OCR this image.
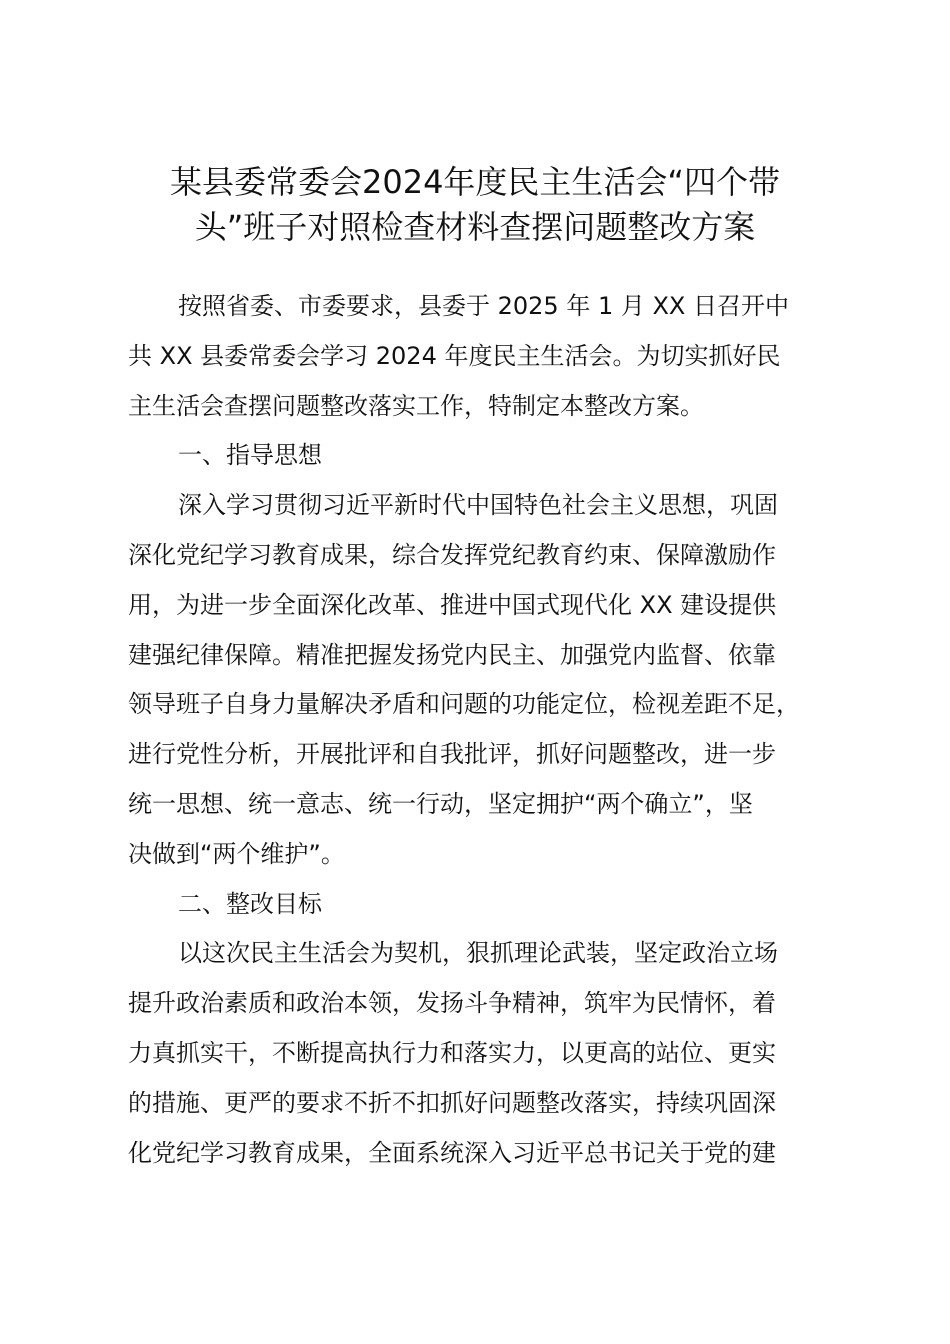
某县委常委会2024年度民主生活会“四个带
头”班子对照检查材料查摆问题整改方案
按照省委、市委要求，县委于 2025 年 1 月 XX 日召开中
共 XX 县委常委会学习 2024 年度民主生活会。为切实抓好民
主生活会查摆问题整改落实工作，特制定本整改方案。
一、指导思想
深入学习贯彻习近平新时代中国特色社会主义思想，巩固
深化党纪学习教育成果，综合发挥党纪教育约束、保障激励作
用，为进一步全面深化改革、推进中国式现代化 XX 建设提供
建强纪律保障。精准把握发扬党内民主、加强党内监督、依靠
领导班子自身力量解决矛盾和问题的功能定位，检视差距不足，
进行党性分析，开展批评和自我批评，抓好问题整改，进一步
统一思想、统一意志、统一行动，坚定拥护“两个确立”，坚
决做到“两个维护”。
二、整改目标
以这次民主生活会为契机，狠抓理论武装，坚定政治立场
提升政治素质和政治本领，发扬斗争精神，筑牢为民情怀，着
力真抓实干，不断提高执行力和落实力，以更高的站位、更实
的措施、更严的要求不折不扣抓好问题整改落实，持续巩固深
化党纪学习教育成果，全面系统深入习近平总书记关于党的建
